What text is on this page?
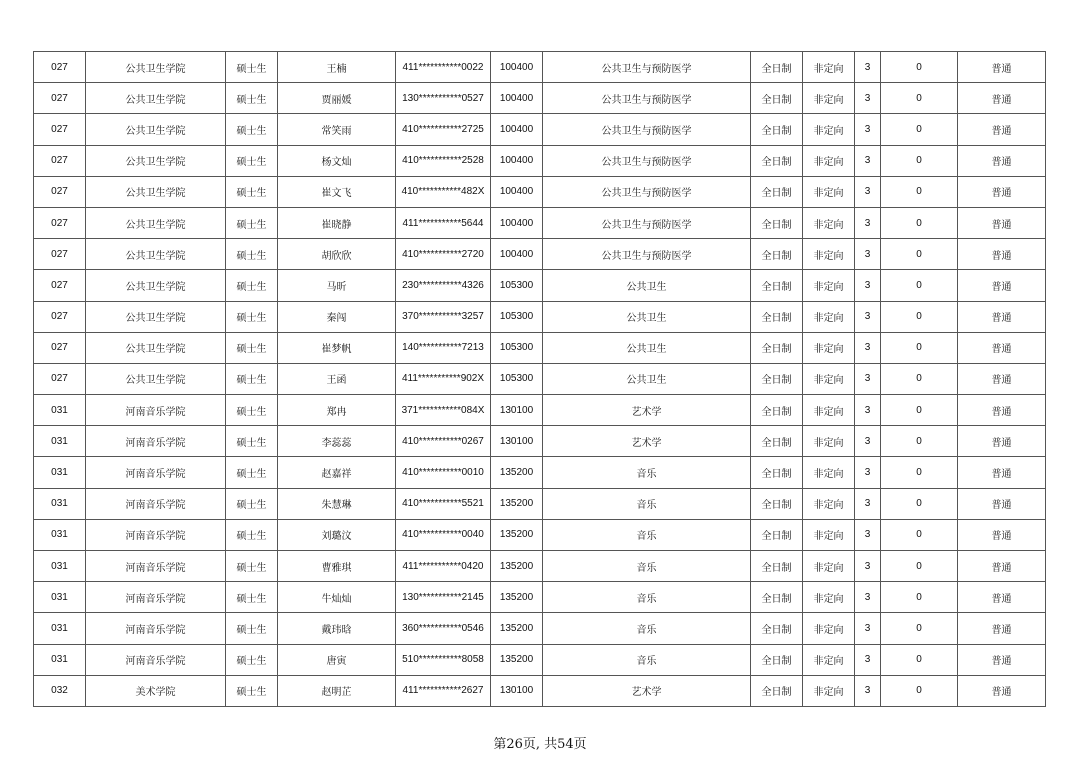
027	公共卫生学院	硕士生	王楠	411***********0022	100400	公共卫生与预防医学	全日制	非定向	3	0	普通
027	公共卫生学院	硕士生	贾丽媛	130***********0527	100400	公共卫生与预防医学	全日制	非定向	3	0	普通
027	公共卫生学院	硕士生	常笑雨	410***********2725	100400	公共卫生与预防医学	全日制	非定向	3	0	普通
027	公共卫生学院	硕士生	杨文灿	410***********2528	100400	公共卫生与预防医学	全日制	非定向	3	0	普通
027	公共卫生学院	硕士生	崔文飞	410***********482X	100400	公共卫生与预防医学	全日制	非定向	3	0	普通
027	公共卫生学院	硕士生	崔晓静	411***********5644	100400	公共卫生与预防医学	全日制	非定向	3	0	普通
027	公共卫生学院	硕士生	胡欣欣	410***********2720	100400	公共卫生与预防医学	全日制	非定向	3	0	普通
027	公共卫生学院	硕士生	马昕	230***********4326	105300	公共卫生	全日制	非定向	3	0	普通
027	公共卫生学院	硕士生	秦闯	370***********3257	105300	公共卫生	全日制	非定向	3	0	普通
027	公共卫生学院	硕士生	崔梦帆	140***********7213	105300	公共卫生	全日制	非定向	3	0	普通
027	公共卫生学院	硕士生	王函	411***********902X	105300	公共卫生	全日制	非定向	3	0	普通
031	河南音乐学院	硕士生	郑冉	371***********084X	130100	艺术学	全日制	非定向	3	0	普通
031	河南音乐学院	硕士生	李蕊蕊	410***********0267	130100	艺术学	全日制	非定向	3	0	普通
031	河南音乐学院	硕士生	赵嘉祥	410***********0010	135200	音乐	全日制	非定向	3	0	普通
031	河南音乐学院	硕士生	朱慧琳	410***********5521	135200	音乐	全日制	非定向	3	0	普通
031	河南音乐学院	硕士生	刘璐汶	410***********0040	135200	音乐	全日制	非定向	3	0	普通
031	河南音乐学院	硕士生	曹雅琪	411***********0420	135200	音乐	全日制	非定向	3	0	普通
031	河南音乐学院	硕士生	牛灿灿	130***********2145	135200	音乐	全日制	非定向	3	0	普通
031	河南音乐学院	硕士生	戴玮晗	360***********0546	135200	音乐	全日制	非定向	3	0	普通
031	河南音乐学院	硕士生	唐寅	510***********8058	135200	音乐	全日制	非定向	3	0	普通
032	美术学院	硕士生	赵明芷	411***********2627	130100	艺术学	全日制	非定向	3	0	普通
第26页, 共54页
